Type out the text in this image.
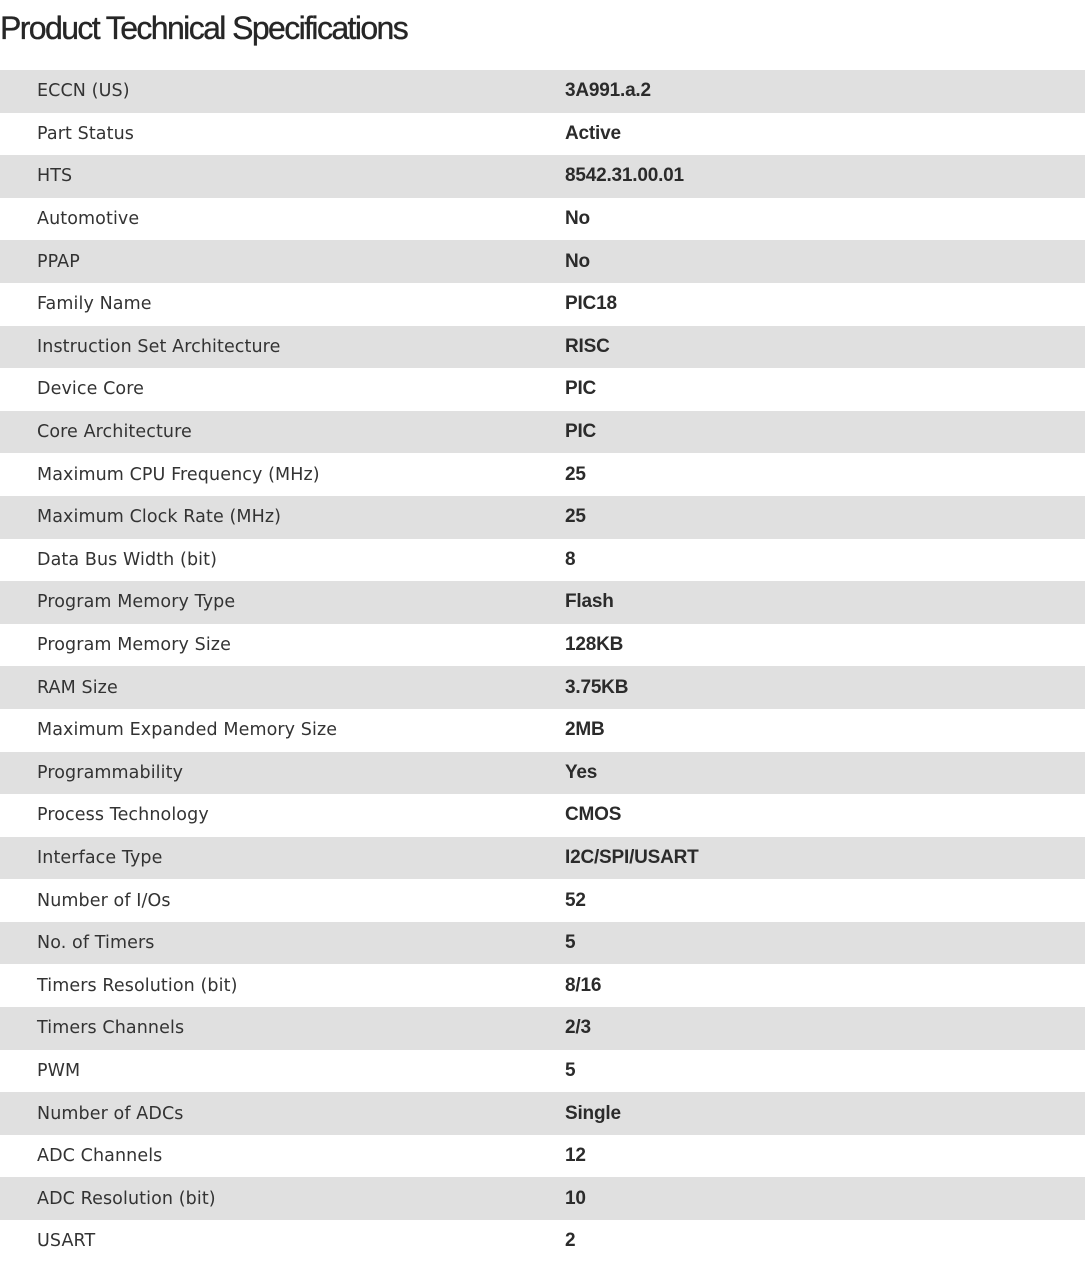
Product Technical Specifications
ECCN (US)	3A991.a.2
Part Status	Active
HTS	8542.31.00.01
Automotive	No
PPAP	No
Family Name	PIC18
Instruction Set Architecture	RISC
Device Core	PIC
Core Architecture	PIC
Maximum CPU Frequency (MHz)	25
Maximum Clock Rate (MHz)	25
Data Bus Width (bit)	8
Program Memory Type	Flash
Program Memory Size	128KB
RAM Size	3.75KB
Maximum Expanded Memory Size	2MB
Programmability	Yes
Process Technology	CMOS
Interface Type	I2C/SPI/USART
Number of I/Os	52
No. of Timers	5
Timers Resolution (bit)	8/16
Timers Channels	2/3
PWM	5
Number of ADCs	Single
ADC Channels	12
ADC Resolution (bit)	10
USART	2
